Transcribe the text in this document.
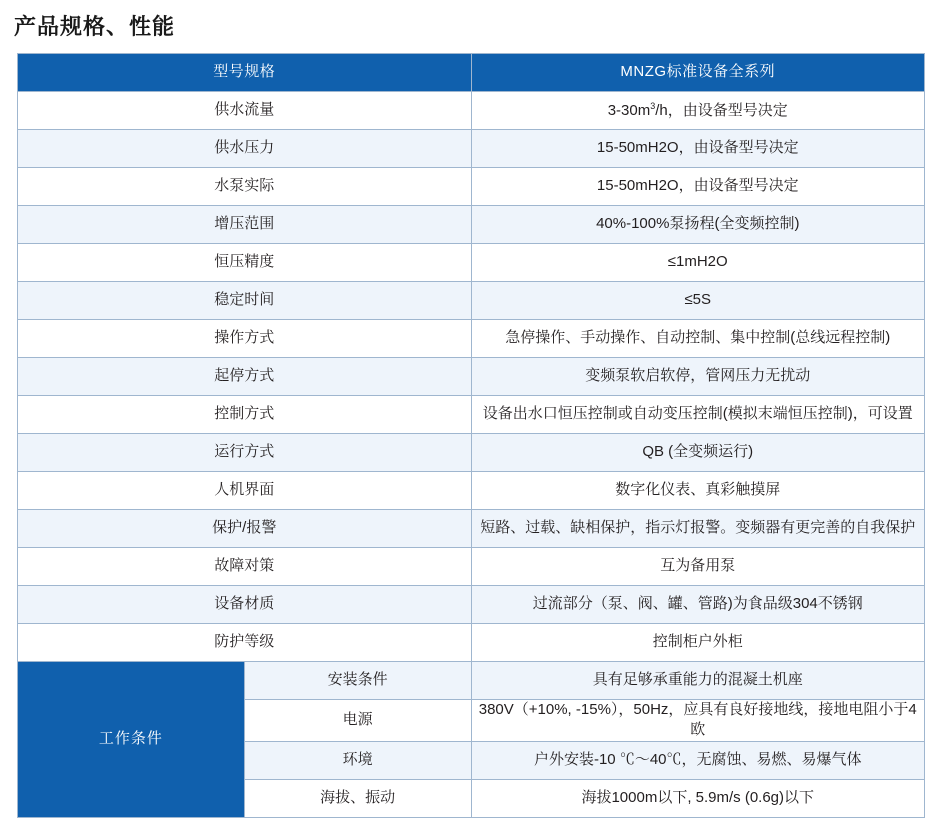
产品规格、性能
型号规格		MNZG标准设备全系列
供水流量		$3-30m^3/h$，由设备型号决定
供水压力		15-50mH2O，由设备型号决定
水泵实际		15-50mH2O，由设备型号决定
增压范围		40%-100%泵扬程(全变频控制)
恒压精度		≤1mH2O
稳定时间		≤5S
操作方式		急停操作、手动操作、自动控制、集中控制(总线远程控制)
起停方式		变频泵软启软停，管网压力无扰动
控制方式		设备出水口恒压控制或自动变压控制(模拟末端恒压控制)，可设置
运行方式		QB (全变频运行)
人机界面		数字化仪表、真彩触摸屏
保护/报警		短路、过载、缺相保护，指示灯报警。变频器有更完善的自我保护
故障对策		互为备用泵
设备材质		过流部分（泵、阀、罐、管路)为食品级304不锈钢
防护等级		控制柜户外柜
工作条件	安装条件	具有足够承重能力的混凝土机座
	电源	380V（+10%, -15%），50Hz，应具有良好接地线，接地电阻小于4欧
	环境	户外安装-10 ℃～40℃，无腐蚀、易燃、易爆气体
	海拔、振动	海拔1000m以下, 5.9m/s (0.6g)以下
